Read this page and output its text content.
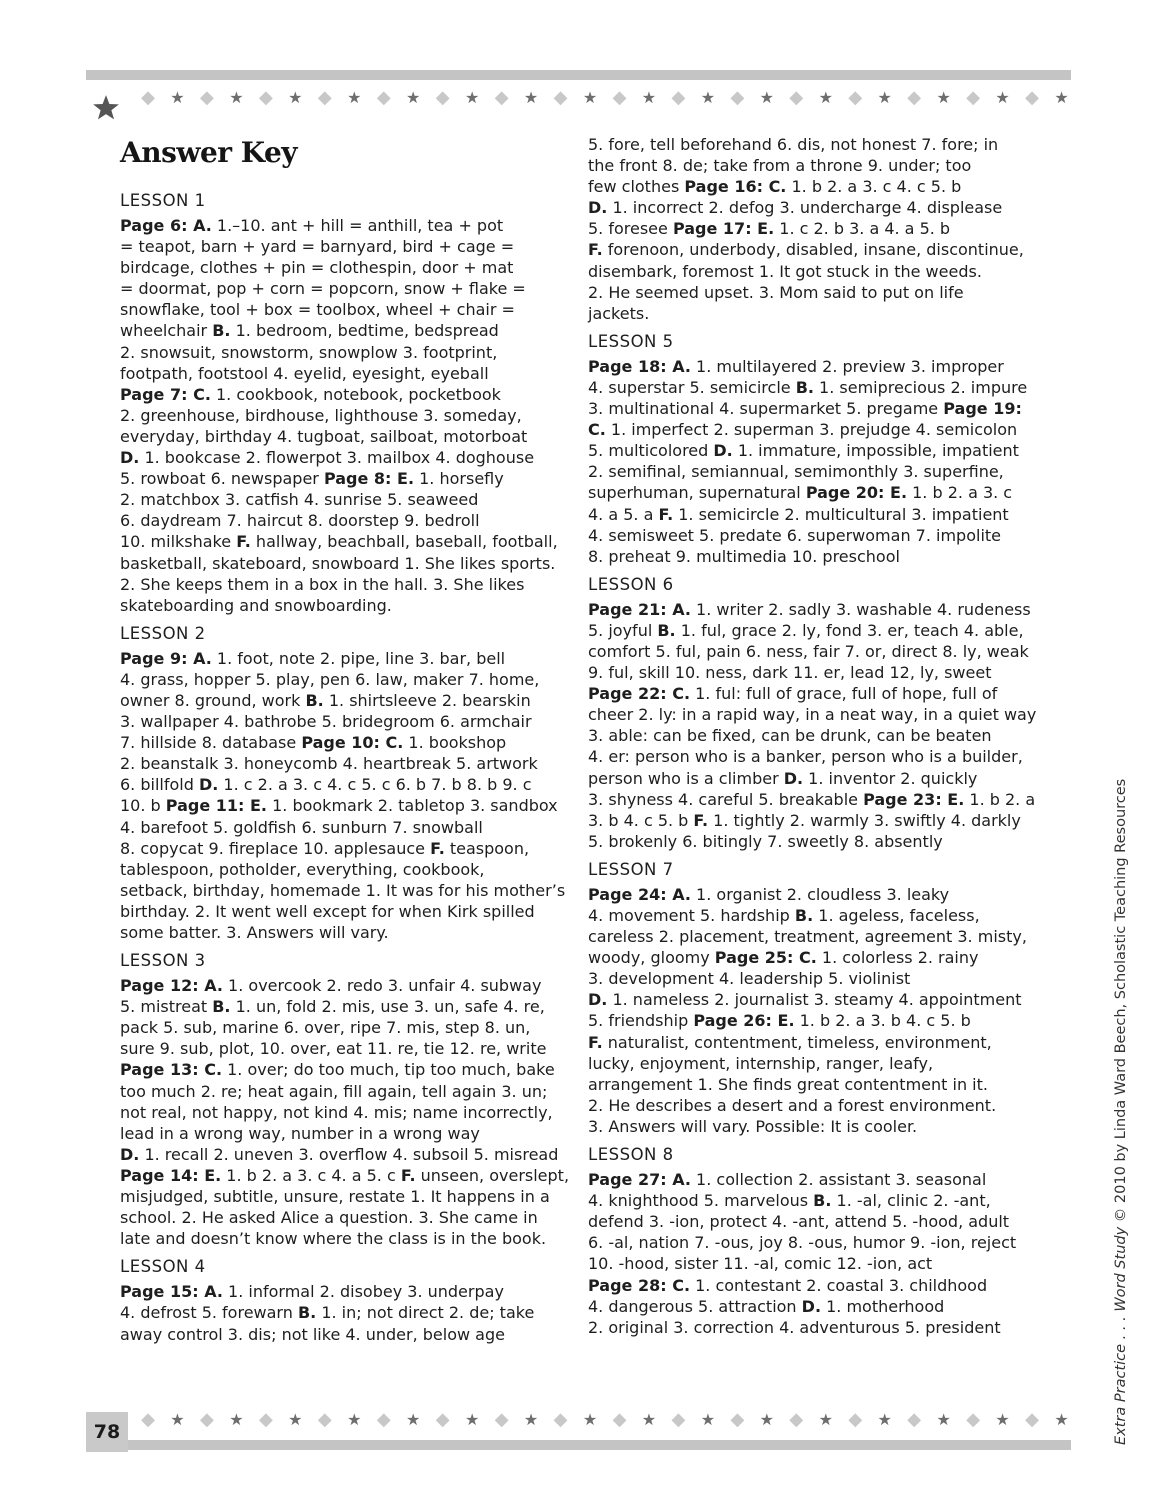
◆ ★ ◆ ★ ◆ ★ ◆ ★ ◆ ★ ◆ ★ ◆ ★ ◆ ★ ◆ ★ ◆ ★ ◆ ★ ◆ ★ ◆ ★ ◆ ★ ◆ ★ ◆ ★
Answer Key
LESSON 1
Page 6: A. 1.–10. ant + hill = anthill, tea + pot
= teapot, barn + yard = barnyard, bird + cage =
birdcage, clothes + pin = clothespin, door + mat
= doormat, pop + corn = popcorn, snow + flake =
snowflake, tool + box = toolbox, wheel + chair =
wheelchair B. 1. bedroom, bedtime, bedspread
2. snowsuit, snowstorm, snowplow 3. footprint,
footpath, footstool 4. eyelid, eyesight, eyeball
Page 7: C. 1. cookbook, notebook, pocketbook
2. greenhouse, birdhouse, lighthouse 3. someday,
everyday, birthday 4. tugboat, sailboat, motorboat
D. 1. bookcase 2. flowerpot 3. mailbox 4. doghouse
5. rowboat 6. newspaper Page 8: E. 1. horsefly
2. matchbox 3. catfish 4. sunrise 5. seaweed
6. daydream 7. haircut 8. doorstep 9. bedroll
10. milkshake F. hallway, beachball, baseball, football,
basketball, skateboard, snowboard 1. She likes sports.
2. She keeps them in a box in the hall. 3. She likes
skateboarding and snowboarding.
LESSON 2
Page 9: A. 1. foot, note 2. pipe, line 3. bar, bell
4. grass, hopper 5. play, pen 6. law, maker 7. home,
owner 8. ground, work B. 1. shirtsleeve 2. bearskin
3. wallpaper 4. bathrobe 5. bridegroom 6. armchair
7. hillside 8. database Page 10: C. 1. bookshop
2. beanstalk 3. honeycomb 4. heartbreak 5. artwork
6. billfold D. 1. c 2. a 3. c 4. c 5. c 6. b 7. b 8. b 9. c
10. b Page 11: E. 1. bookmark 2. tabletop 3. sandbox
4. barefoot 5. goldfish 6. sunburn 7. snowball
8. copycat 9. fireplace 10. applesauce F. teaspoon,
tablespoon, potholder, everything, cookbook,
setback, birthday, homemade 1. It was for his mother’s
birthday. 2. It went well except for when Kirk spilled
some batter. 3. Answers will vary.
LESSON 3
Page 12: A. 1. overcook 2. redo 3. unfair 4. subway
5. mistreat B. 1. un, fold 2. mis, use 3. un, safe 4. re,
pack 5. sub, marine 6. over, ripe 7. mis, step 8. un,
sure 9. sub, plot, 10. over, eat 11. re, tie 12. re, write
Page 13: C. 1. over; do too much, tip too much, bake
too much 2. re; heat again, fill again, tell again 3. un;
not real, not happy, not kind 4. mis; name incorrectly,
lead in a wrong way, number in a wrong way
D. 1. recall 2. uneven 3. overflow 4. subsoil 5. misread
Page 14: E. 1. b 2. a 3. c 4. a 5. c F. unseen, overslept,
misjudged, subtitle, unsure, restate 1. It happens in a
school. 2. He asked Alice a question. 3. She came in
late and doesn’t know where the class is in the book.
LESSON 4
Page 15: A. 1. informal 2. disobey 3. underpay
4. defrost 5. forewarn B. 1. in; not direct 2. de; take
away control 3. dis; not like 4. under, below age
5. fore, tell beforehand 6. dis, not honest 7. fore; in
the front 8. de; take from a throne 9. under; too
few clothes Page 16: C. 1. b 2. a 3. c 4. c 5. b
D. 1. incorrect 2. defog 3. undercharge 4. displease
5. foresee Page 17: E. 1. c 2. b 3. a 4. a 5. b
F. forenoon, underbody, disabled, insane, discontinue,
disembark, foremost 1. It got stuck in the weeds.
2. He seemed upset. 3. Mom said to put on life
jackets.
LESSON 5
Page 18: A. 1. multilayered 2. preview 3. improper
4. superstar 5. semicircle B. 1. semiprecious 2. impure
3. multinational 4. supermarket 5. pregame Page 19:
C. 1. imperfect 2. superman 3. prejudge 4. semicolon
5. multicolored D. 1. immature, impossible, impatient
2. semifinal, semiannual, semimonthly 3. superfine,
superhuman, supernatural Page 20: E. 1. b 2. a 3. c
4. a 5. a F. 1. semicircle 2. multicultural 3. impatient
4. semisweet 5. predate 6. superwoman 7. impolite
8. preheat 9. multimedia 10. preschool
LESSON 6
Page 21: A. 1. writer 2. sadly 3. washable 4. rudeness
5. joyful B. 1. ful, grace 2. ly, fond 3. er, teach 4. able,
comfort 5. ful, pain 6. ness, fair 7. or, direct 8. ly, weak
9. ful, skill 10. ness, dark 11. er, lead 12, ly, sweet
Page 22: C. 1. ful: full of grace, full of hope, full of
cheer 2. ly: in a rapid way, in a neat way, in a quiet way
3. able: can be fixed, can be drunk, can be beaten
4. er: person who is a banker, person who is a builder,
person who is a climber D. 1. inventor 2. quickly
3. shyness 4. careful 5. breakable Page 23: E. 1. b 2. a
3. b 4. c 5. b F. 1. tightly 2. warmly 3. swiftly 4. darkly
5. brokenly 6. bitingly 7. sweetly 8. absently
LESSON 7
Page 24: A. 1. organist 2. cloudless 3. leaky
4. movement 5. hardship B. 1. ageless, faceless,
careless 2. placement, treatment, agreement 3. misty,
woody, gloomy Page 25: C. 1. colorless 2. rainy
3. development 4. leadership 5. violinist
D. 1. nameless 2. journalist 3. steamy 4. appointment
5. friendship Page 26: E. 1. b 2. a 3. b 4. c 5. b
F. naturalist, contentment, timeless, environment,
lucky, enjoyment, internship, ranger, leafy,
arrangement 1. She finds great contentment in it.
2. He describes a desert and a forest environment.
3. Answers will vary. Possible: It is cooler.
LESSON 8
Page 27: A. 1. collection 2. assistant 3. seasonal
4. knighthood 5. marvelous B. 1. -al, clinic 2. -ant,
defend 3. -ion, protect 4. -ant, attend 5. -hood, adult
6. -al, nation 7. -ous, joy 8. -ous, humor 9. -ion, reject
10. -hood, sister 11. -al, comic 12. -ion, act
Page 28: C. 1. contestant 2. coastal 3. childhood
4. dangerous 5. attraction D. 1. motherhood
2. original 3. correction 4. adventurous 5. president
◆ ★ ◆ ★ ◆ ★ ◆ ★ ◆ ★ ◆ ★ ◆ ★ ◆ ★ ◆ ★ ◆ ★ ◆ ★ ◆ ★ ◆ ★ ◆ ★ ◆ ★ ◆ ★
78	Extra Practice . . . Word Study © 2010 by Linda Ward Beech, Scholastic Teaching Resources
